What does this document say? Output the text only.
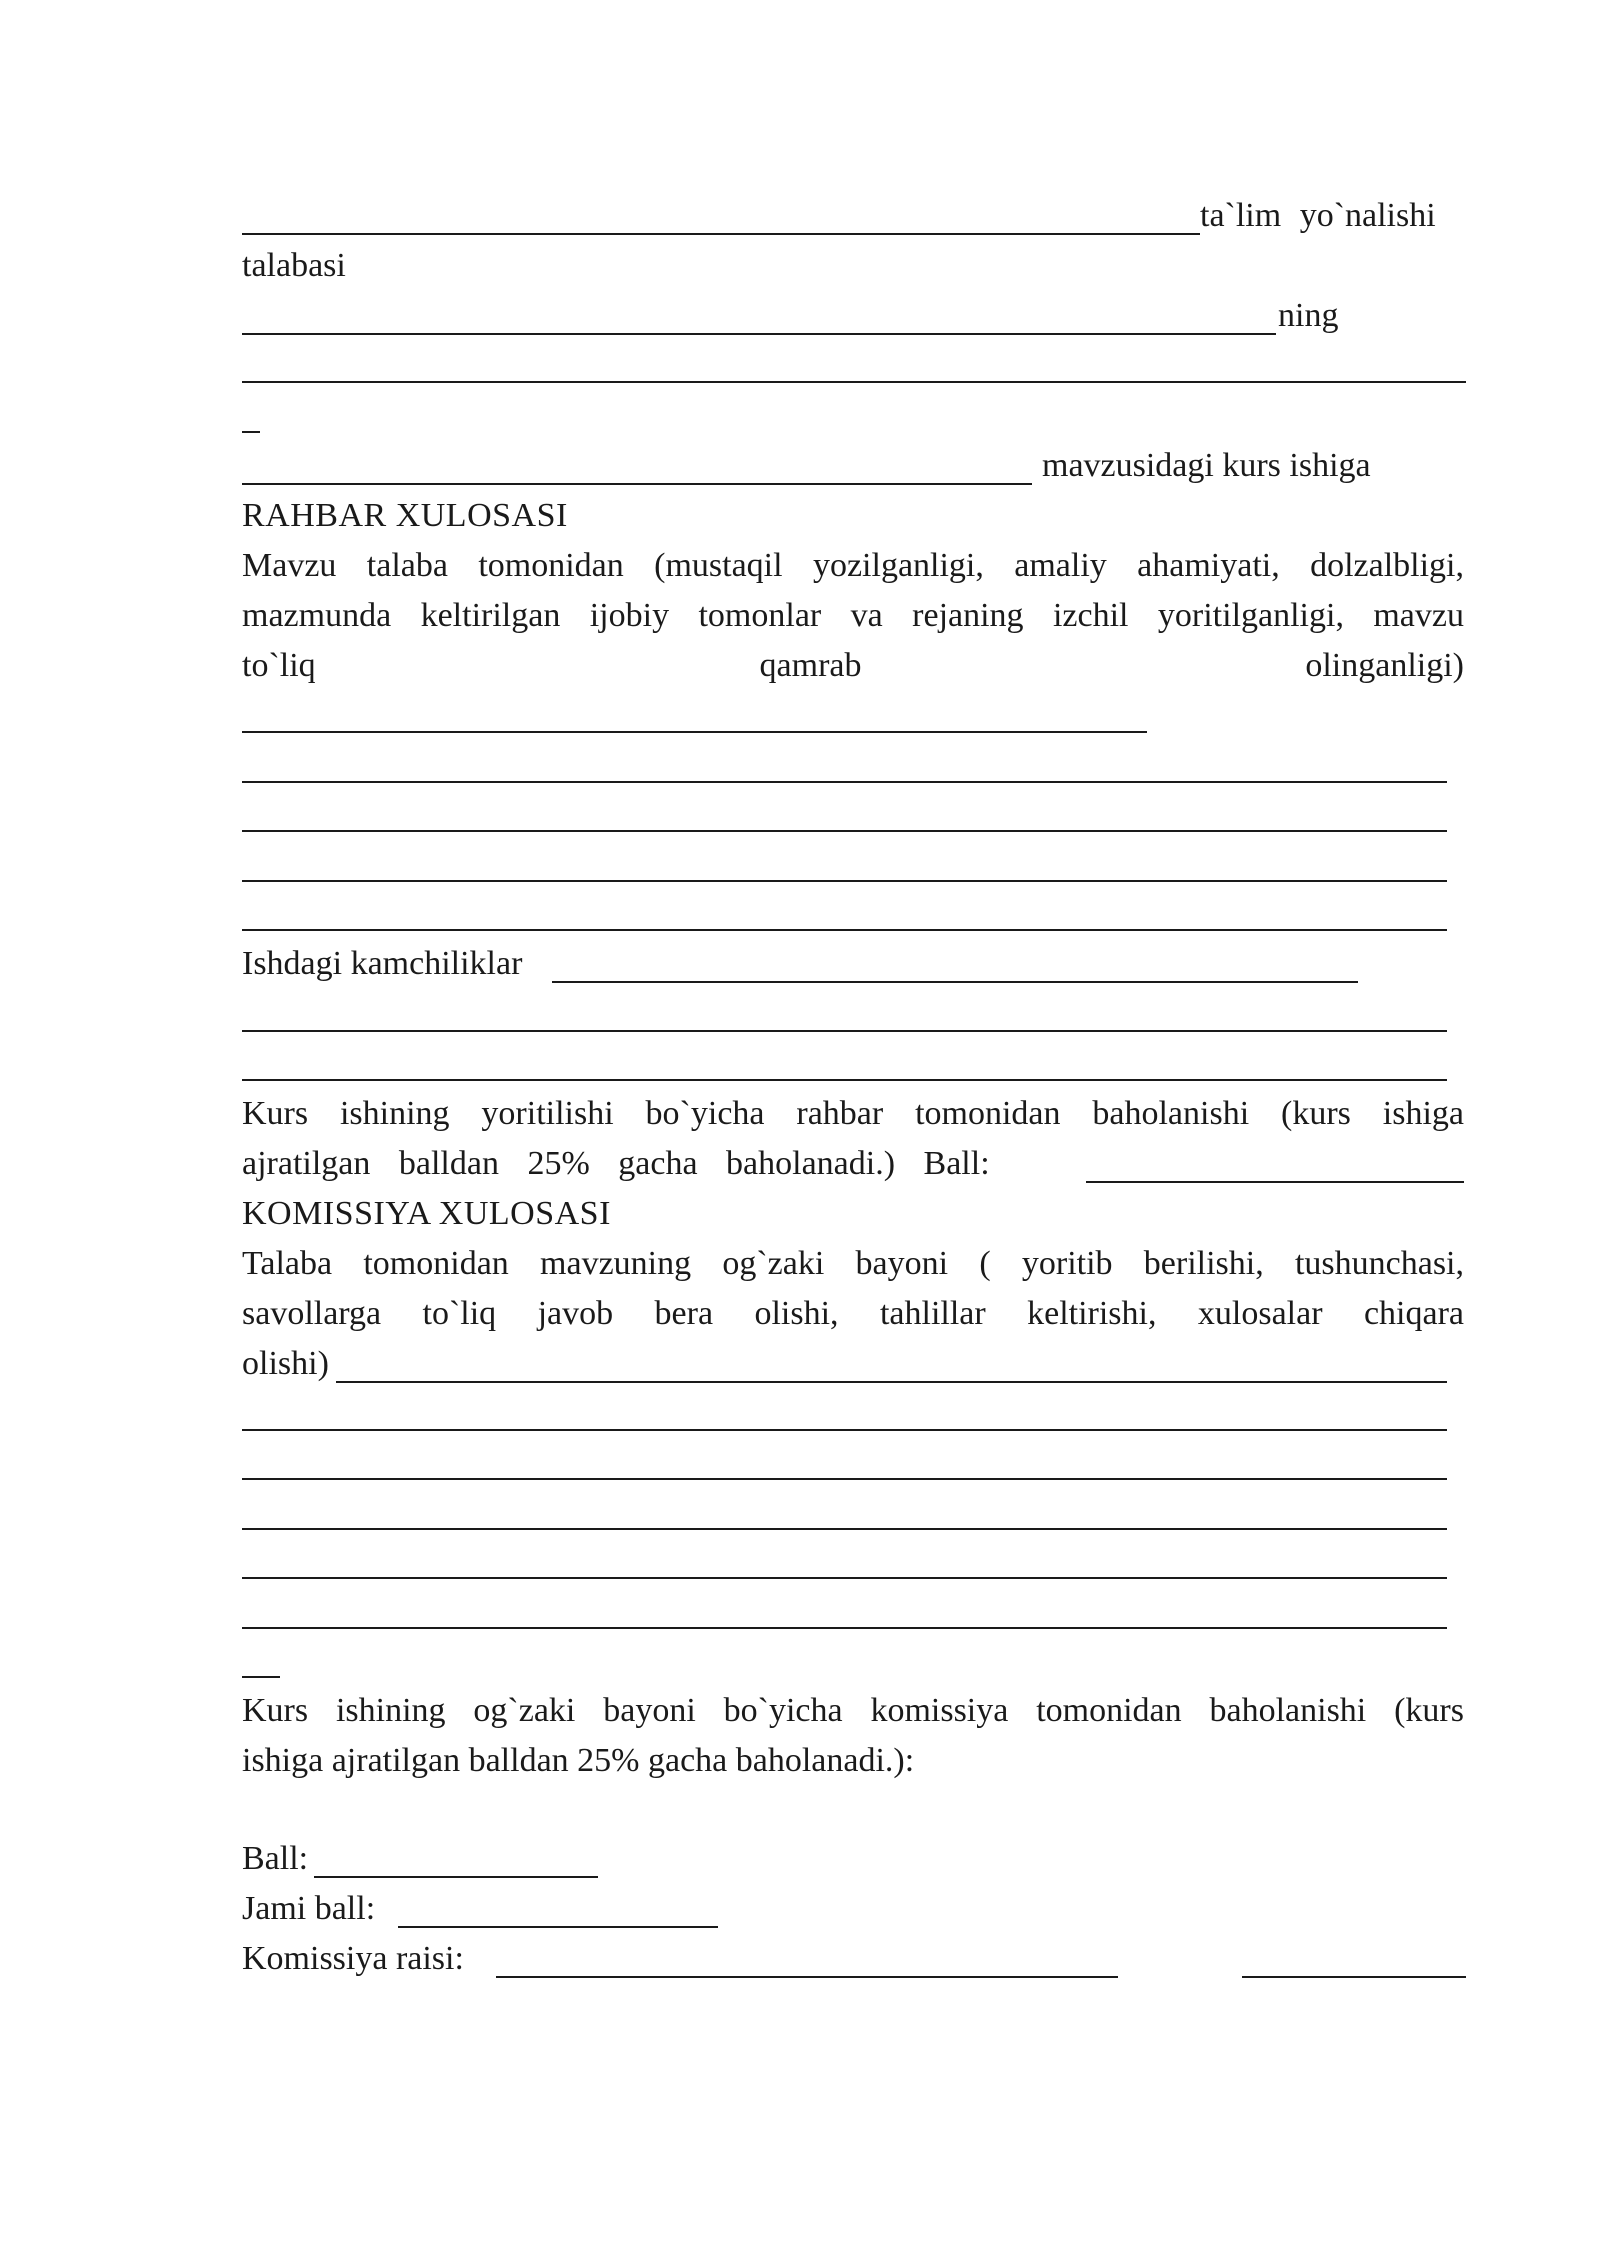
ta`lim yo`nalishi
talabasi
ning
mavzusidagi kurs ishiga
RAHBAR XULOSASI
Mavzu talaba tomonidan (mustaqil yozilganligi, amaliy ahamiyati, dolzalbligi,
mazmunda keltirilgan ijobiy tomonlar va rejaning izchil yoritilganligi, mavzu
to`liq qamrab olinganligi)
Ishdagi kamchiliklar
Kurs ishining yoritilishi bo`yicha rahbar tomonidan baholanishi (kurs ishiga
ajratilgan balldan 25% gacha baholanadi.) Ball:
KOMISSIYA XULOSASI
Talaba tomonidan mavzuning og`zaki bayoni ( yoritib berilishi, tushunchasi,
savollarga to`liq javob bera olishi, tahlillar keltirishi, xulosalar chiqara
olishi)
Kurs ishining og`zaki bayoni bo`yicha komissiya tomonidan baholanishi (kurs
ishiga ajratilgan balldan 25% gacha baholanadi.):
Ball:
Jami ball:
Komissiya raisi:
